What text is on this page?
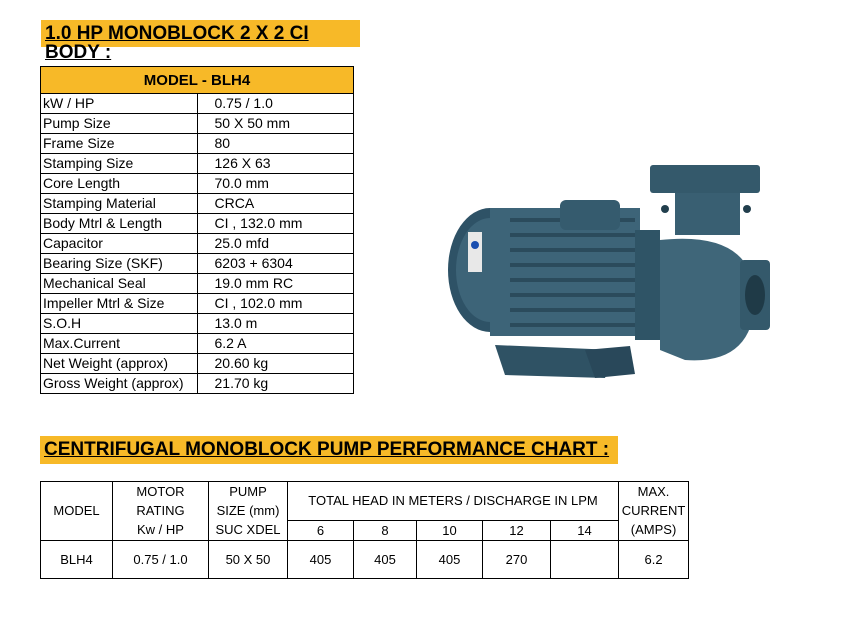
1.0 HP MONOBLOCK 2 X 2 CI BODY :
MODEL - BLH4	
kW / HP	0.75 / 1.0
Pump Size	50 X 50 mm
Frame Size	80
Stamping Size	126 X 63
Core Length	70.0 mm
Stamping Material	CRCA
Body Mtrl & Length	CI , 132.0 mm
Capacitor	25.0 mfd
Bearing Size (SKF)	6203 + 6304
Mechanical Seal	19.0 mm RC
Impeller Mtrl & Size	CI , 102.0 mm
S.O.H	13.0 m
Max.Current	6.2 A
Net Weight (approx)	20.60 kg
Gross Weight (approx)	21.70 kg
CENTRIFUGAL MONOBLOCK PUMP PERFORMANCE CHART :
MODEL	MOTOR	PUMP	TOTAL HEAD IN METERS / DISCHARGE IN LPM					MAX.
	RATING	SIZE (mm)						CURRENT
	Kw / HP	SUC XDEL	6	8	10	12	14	(AMPS)
BLH4	0.75 / 1.0	50 X 50	405	405	405	270		6.2
